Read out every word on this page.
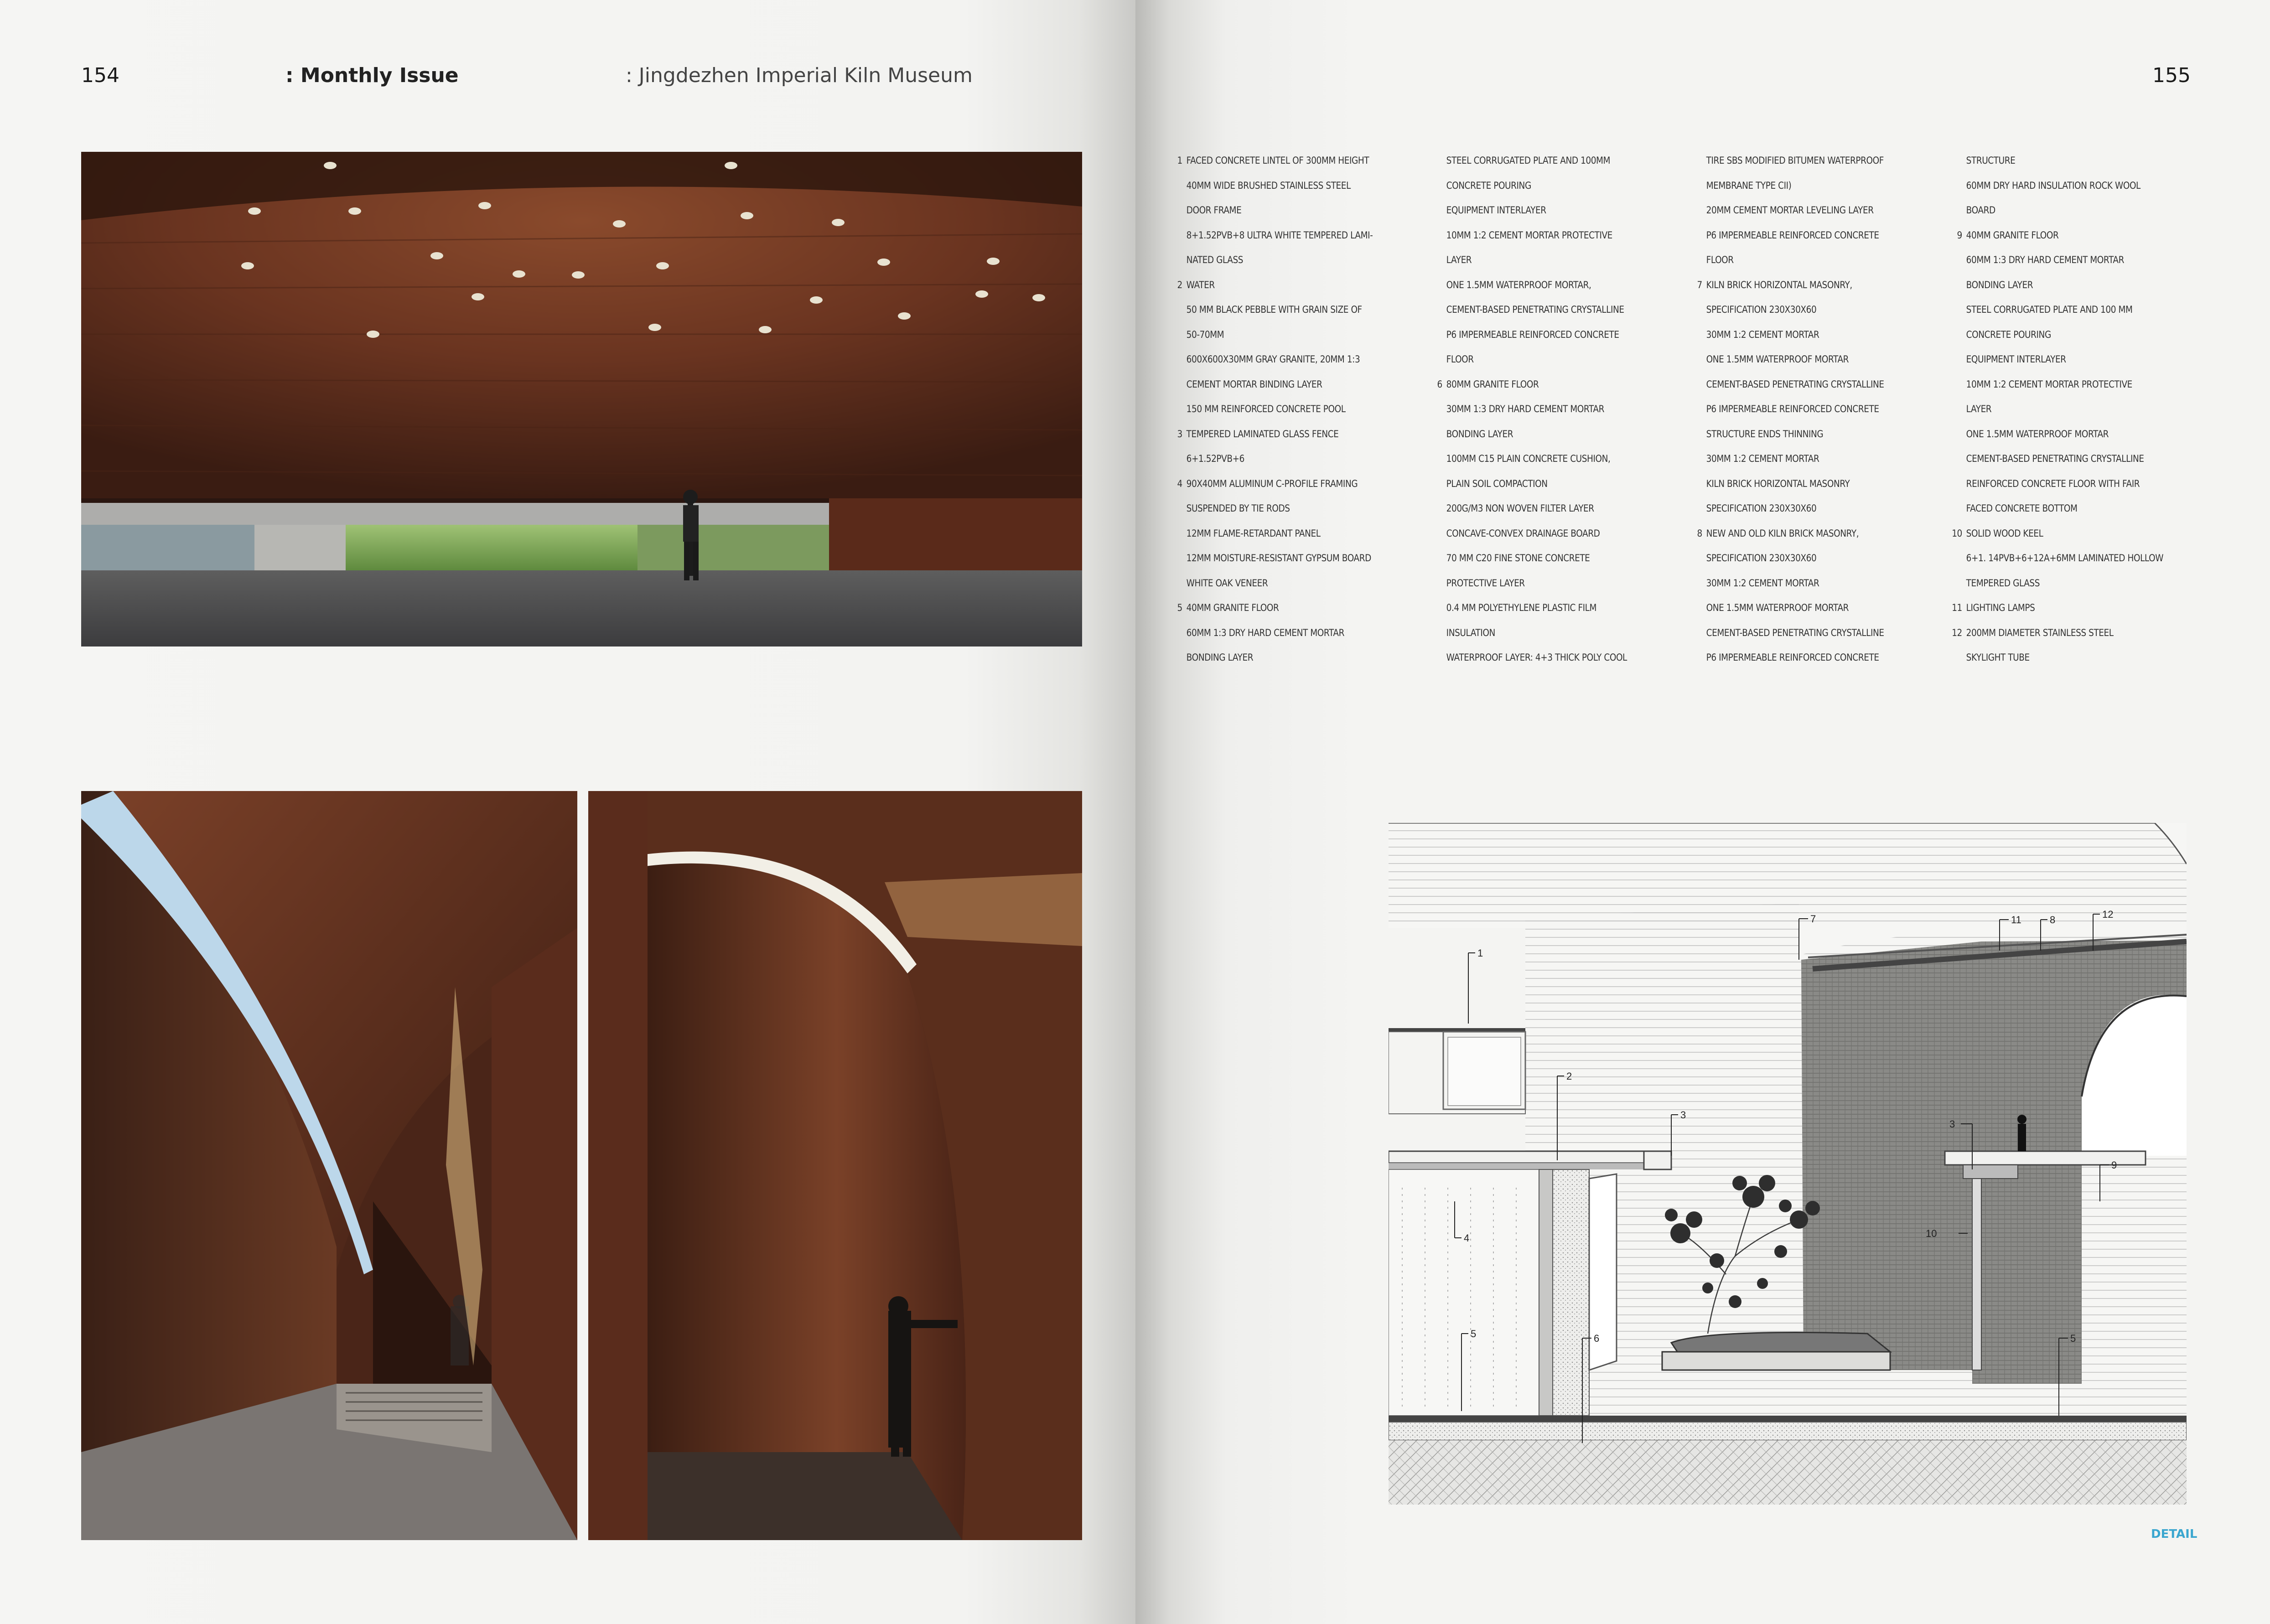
154	: Monthly Issue	: Jingdezhen Imperial Kiln Museum	155
1 FACED CONCRETE LINTEL OF 300MM HEIGHT
40MM WIDE BRUSHED STAINLESS STEEL
DOOR FRAME
8+1.52PVB+8 ULTRA WHITE TEMPERED LAMI-
NATED GLASS
2 WATER
50 MM BLACK PEBBLE WITH GRAIN SIZE OF
50-70MM
600X600X30MM GRAY GRANITE, 20MM 1:3
CEMENT MORTAR BINDING LAYER
150 MM REINFORCED CONCRETE POOL
3 TEMPERED LAMINATED GLASS FENCE
6+1.52PVB+6
4 90X40MM ALUMINUM C-PROFILE FRAMING
SUSPENDED BY TIE RODS
12MM FLAME-RETARDANT PANEL
12MM MOISTURE-RESISTANT GYPSUM BOARD
WHITE OAK VENEER
5 40MM GRANITE FLOOR
60MM 1:3 DRY HARD CEMENT MORTAR
BONDING LAYER
STEEL CORRUGATED PLATE AND 100MM
CONCRETE POURING
EQUIPMENT INTERLAYER
10MM 1:2 CEMENT MORTAR PROTECTIVE
LAYER
ONE 1.5MM WATERPROOF MORTAR,
CEMENT-BASED PENETRATING CRYSTALLINE
P6 IMPERMEABLE REINFORCED CONCRETE
FLOOR
6 80MM GRANITE FLOOR
30MM 1:3 DRY HARD CEMENT MORTAR
BONDING LAYER
100MM C15 PLAIN CONCRETE CUSHION,
PLAIN SOIL COMPACTION
200G/M3 NON WOVEN FILTER LAYER
CONCAVE-CONVEX DRAINAGE BOARD
70 MM C20 FINE STONE CONCRETE
PROTECTIVE LAYER
0.4 MM POLYETHYLENE PLASTIC FILM
INSULATION
WATERPROOF LAYER: 4+3 THICK POLY COOL
TIRE SBS MODIFIED BITUMEN WATERPROOF
MEMBRANE TYPE CII)
20MM CEMENT MORTAR LEVELING LAYER
P6 IMPERMEABLE REINFORCED CONCRETE
FLOOR
7 KILN BRICK HORIZONTAL MASONRY,
SPECIFICATION 230X30X60
30MM 1:2 CEMENT MORTAR
ONE 1.5MM WATERPROOF MORTAR
CEMENT-BASED PENETRATING CRYSTALLINE
P6 IMPERMEABLE REINFORCED CONCRETE
STRUCTURE ENDS THINNING
30MM 1:2 CEMENT MORTAR
KILN BRICK HORIZONTAL MASONRY
SPECIFICATION 230X30X60
8 NEW AND OLD KILN BRICK MASONRY,
SPECIFICATION 230X30X60
30MM 1:2 CEMENT MORTAR
ONE 1.5MM WATERPROOF MORTAR
CEMENT-BASED PENETRATING CRYSTALLINE
P6 IMPERMEABLE REINFORCED CONCRETE
STRUCTURE
60MM DRY HARD INSULATION ROCK WOOL
BOARD
9 40MM GRANITE FLOOR
60MM 1:3 DRY HARD CEMENT MORTAR
BONDING LAYER
STEEL CORRUGATED PLATE AND 100 MM
CONCRETE POURING
EQUIPMENT INTERLAYER
10MM 1:2 CEMENT MORTAR PROTECTIVE
LAYER
ONE 1.5MM WATERPROOF MORTAR
CEMENT-BASED PENETRATING CRYSTALLINE
REINFORCED CONCRETE FLOOR WITH FAIR
FACED CONCRETE BOTTOM
10 SOLID WOOD KEEL
6+1. 14PVB+6+12A+6MM LAMINATED HOLLOW
TEMPERED GLASS
11 LIGHTING LAMPS
12 200MM DIAMETER STAINLESS STEEL
SKYLIGHT TUBE
1
2
3
4
5	6
7	8
9
10
11	12
3
5
DETAIL
